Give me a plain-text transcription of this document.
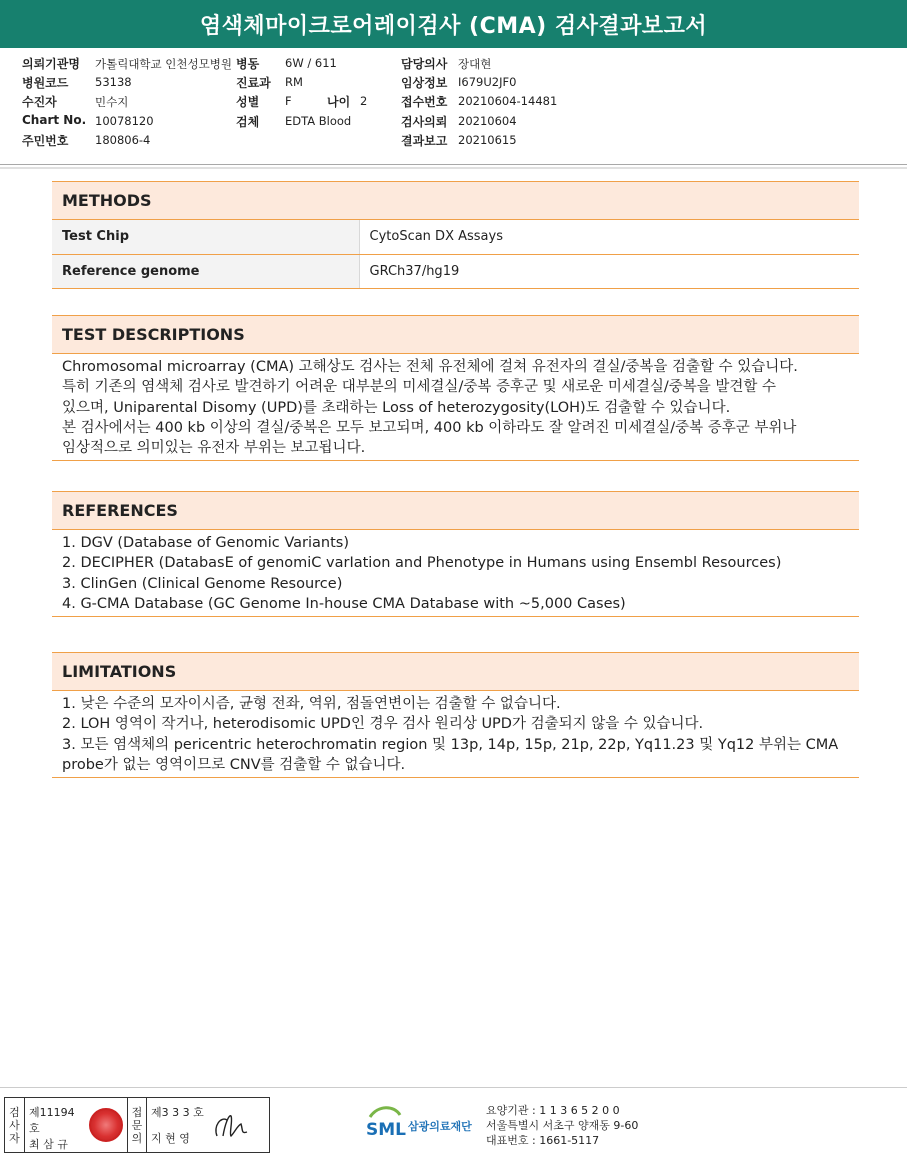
염색체마이크로어레이검사 (CMA) 검사결과보고서
의뢰기관명 가톨릭대학교 인천성모병원
병원코드 53138
수진자	민수지
Chart No. 10078120
주민번호 180806-4
병동 6W / 611
진료과 RM
성별 F	나이 2
검체 EDTA Blood
담당의사 장대현
임상정보 I679U2JF0
접수번호 20210604-14481
검사의뢰 20210604
결과보고 20210615
METHODS
Test Chip	CytoScan DX Assays
Reference genome	GRCh37/hg19
TEST DESCRIPTIONS

Chromosomal microarray (CMA) 고해상도 검사는 전체 유전체에 걸쳐 유전자의 결실/중복을 검출할 수 있습니다.

특히 기존의 염색체 검사로 발견하기 어려운 대부분의 미세결실/중복 증후군 및 새로운 미세결실/중복을 발견할 수

있으며, Uniparental Disomy (UPD)를 초래하는 Loss of heterozygosity(LOH)도 검출할 수 있습니다.

본 검사에서는 400 kb 이상의 결실/중복은 모두 보고되며, 400 kb 이하라도 잘 알려진 미세결실/중복 증후군 부위나

임상적으로 의미있는 유전자 부위는 보고됩니다.

REFERENCES

1. DGV (Database of Genomic Variants)

2. DECIPHER (DatabasE of genomiC varIation and Phenotype in Humans using Ensembl Resources)

3. ClinGen (Clinical Genome Resource)

4. G-CMA Database (GC Genome In-house CMA Database with ~5,000 Cases)

LIMITATIONS

1. 낮은 수준의 모자이시즘, 균형 전좌, 역위, 점돌연변이는 검출할 수 없습니다.

2. LOH 영역이 작거나, heterodisomic UPD인 경우 검사 원리상 UPD가 검출되지 않을 수 있습니다.

3. 모든 염색체의 pericentric heterochromatin region 및 13p, 14p, 15p, 21p, 22p, Yq11.23 및 Yq12 부위는 CMA

probe가 없는 영역이므로 CNV를 검출할 수 없습니다.

검
사
자
제11194호
최 삼 규
접
문
의
제3 3 3 호
지 현 영	SML 삼광의료재단
요양기관 : 1 1 3 6 5 2 0 0
서울특별시 서초구 양재동 9-60
대표번호 : 1661-5117
